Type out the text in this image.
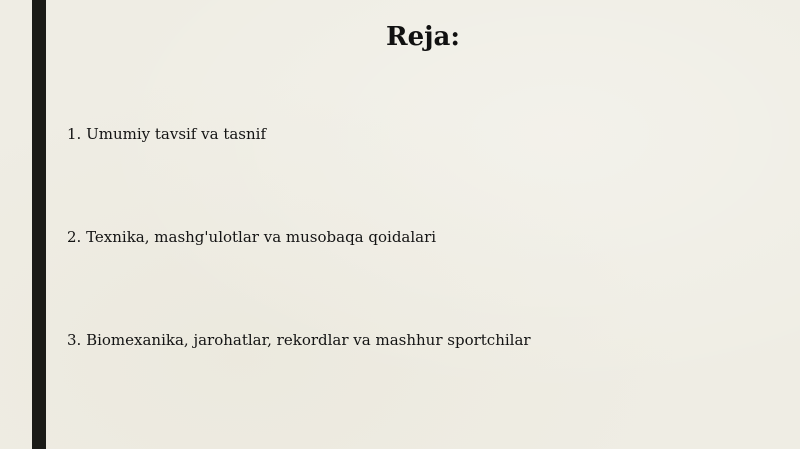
Reja:
1. Umumiy tavsif va tasnif
2. Texnika, mashg'ulotlar va musobaqa qoidalari
3. Biomexanika, jarohatlar, rekordlar va mashhur sportchilar
